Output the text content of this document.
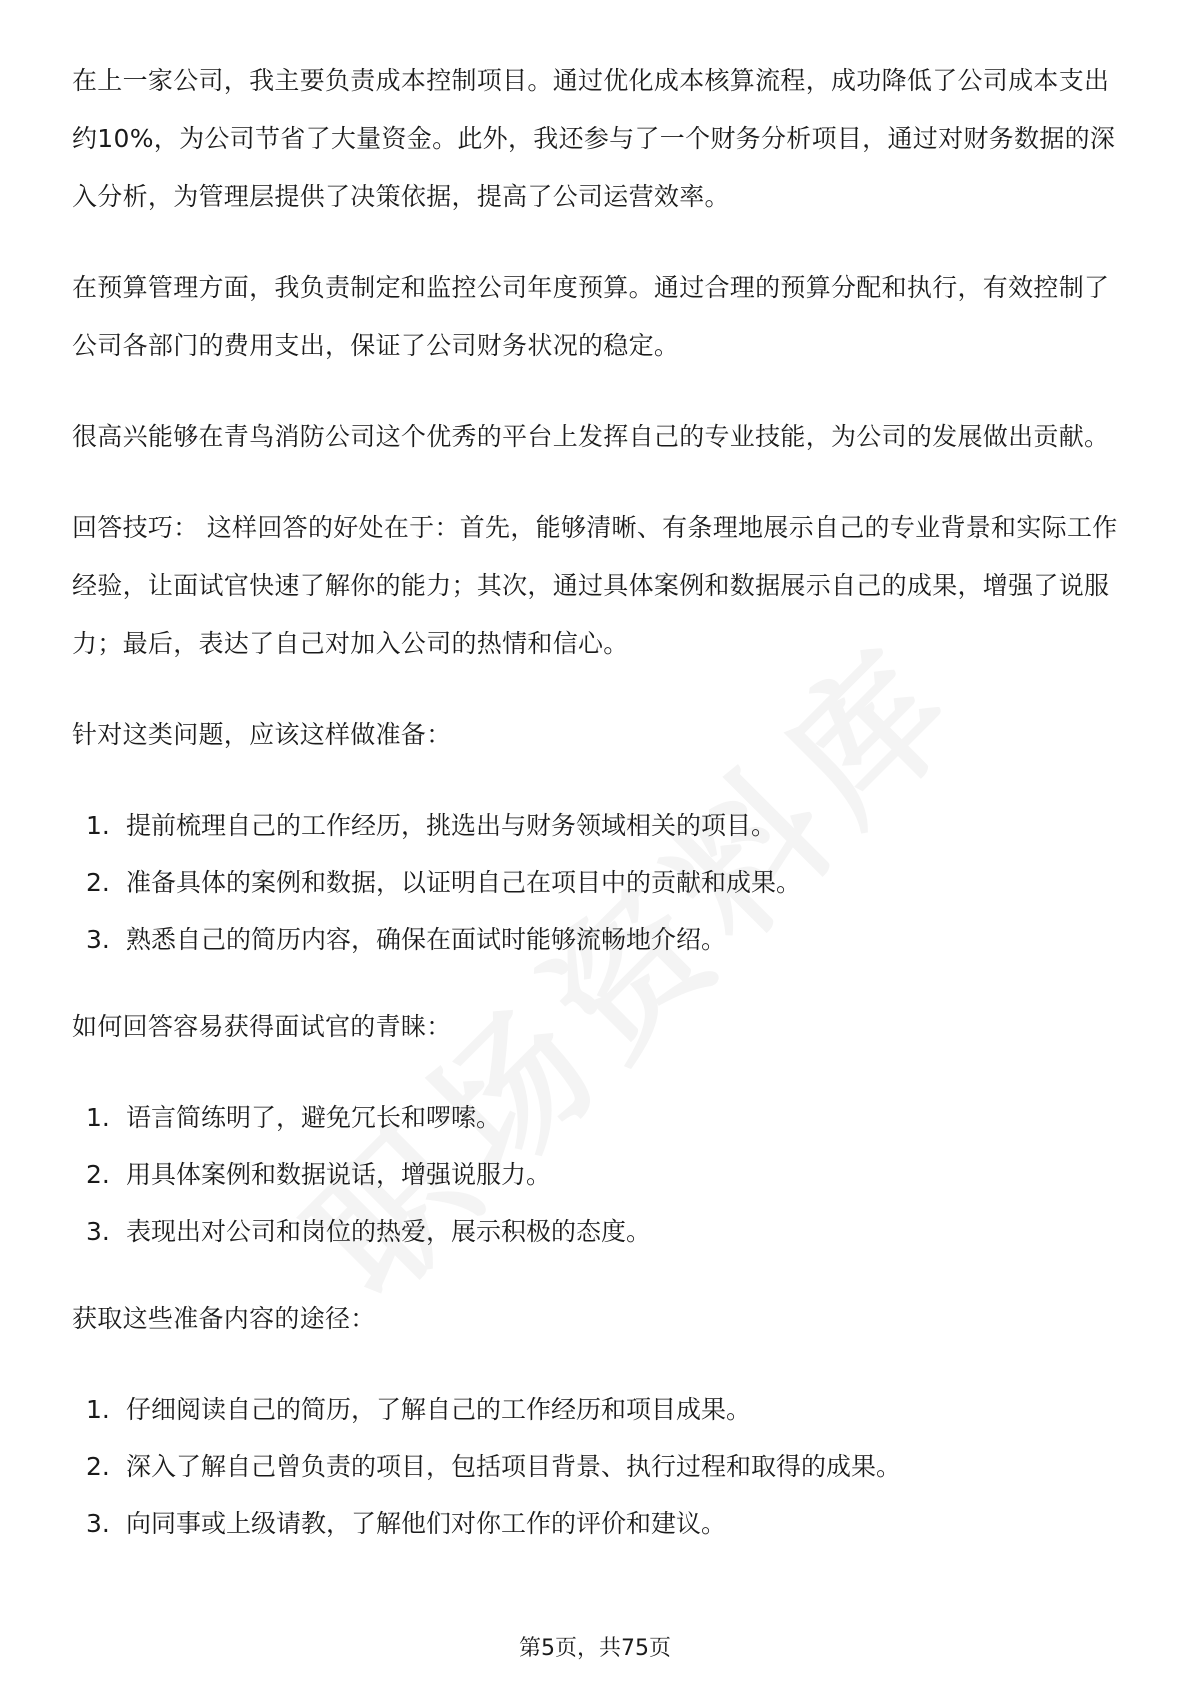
在上一家公司，我主要负责成本控制项目。通过优化成本核算流程，成功降低了公司成本支出约10%，为公司节省了大量资金。此外，我还参与了一个财务分析项目，通过对财务数据的深入分析，为管理层提供了决策依据，提高了公司运营效率。

在预算管理方面，我负责制定和监控公司年度预算。通过合理的预算分配和执行，有效控制了公司各部门的费用支出，保证了公司财务状况的稳定。

很高兴能够在青鸟消防公司这个优秀的平台上发挥自己的专业技能，为公司的发展做出贡献。

回答技巧： 这样回答的好处在于：首先，能够清晰、有条理地展示自己的专业背景和实际工作经验，让面试官快速了解你的能力；其次，通过具体案例和数据展示自己的成果，增强了说服力；最后，表达了自己对加入公司的热情和信心。

针对这类问题，应该这样做准备：

1. 提前梳理自己的工作经历，挑选出与财务领域相关的项目。
2. 准备具体的案例和数据，以证明自己在项目中的贡献和成果。
3. 熟悉自己的简历内容，确保在面试时能够流畅地介绍。

如何回答容易获得面试官的青睐：

1. 语言简练明了，避免冗长和啰嗦。
2. 用具体案例和数据说话，增强说服力。
3. 表现出对公司和岗位的热爱，展示积极的态度。

获取这些准备内容的途径：

1. 仔细阅读自己的简历，了解自己的工作经历和项目成果。
2. 深入了解自己曾负责的项目，包括项目背景、执行过程和取得的成果。
3. 向同事或上级请教，了解他们对你工作的评价和建议。
第5页，共75页
